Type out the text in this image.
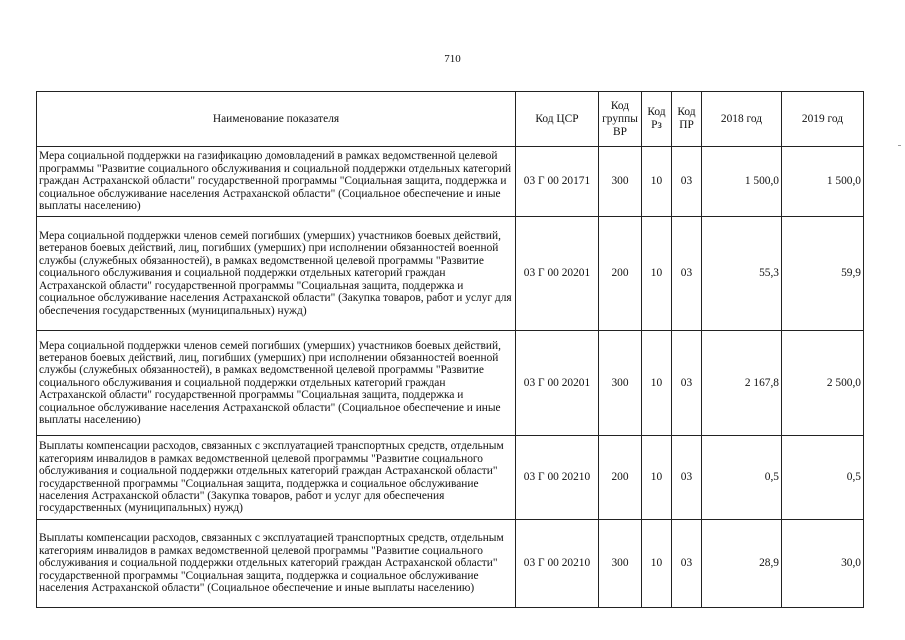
710
Наименование показателя	Код ЦСР	Код группы ВР	Код Рз	Код ПР	2018 год	2019 год
Мера социальной поддержки на газификацию домовладений в рамках ведомственной целевой программы "Развитие социального обслуживания и социальной поддержки отдельных категорий граждан Астраханской области" государственной программы "Социальная защита, поддержка и социальное обслуживание населения Астраханской области" (Социальное обеспечение и иные выплаты населению)	03 Г 00 20171	300	10	03	1 500,0	1 500,0
Мера социальной поддержки членов семей погибших (умерших) участников боевых действий, ветеранов боевых действий, лиц, погибших (умерших) при исполнении обязанностей военной службы (служебных обязанностей), в рамках ведомственной целевой программы "Развитие социального обслуживания и социальной поддержки отдельных категорий граждан Астраханской области" государственной программы "Социальная защита, поддержка и социальное обслуживание населения Астраханской области" (Закупка товаров, работ и услуг для обеспечения государственных (муниципальных) нужд)	03 Г 00 20201	200	10	03	55,3	59,9
Мера социальной поддержки членов семей погибших (умерших) участников боевых действий, ветеранов боевых действий, лиц, погибших (умерших) при исполнении обязанностей военной службы (служебных обязанностей), в рамках ведомственной целевой программы "Развитие социального обслуживания и социальной поддержки отдельных категорий граждан Астраханской области" государственной программы "Социальная защита, поддержка и социальное обслуживание населения Астраханской области" (Социальное обеспечение и иные выплаты населению)	03 Г 00 20201	300	10	03	2 167,8	2 500,0
Выплаты компенсации расходов, связанных с эксплуатацией транспортных средств, отдельным категориям инвалидов в рамках ведомственной целевой программы "Развитие социального обслуживания и социальной поддержки отдельных категорий граждан Астраханской области" государственной программы "Социальная защита, поддержка и социальное обслуживание населения Астраханской области" (Закупка товаров, работ и услуг для обеспечения государственных (муниципальных) нужд)	03 Г 00 20210	200	10	03	0,5	0,5
Выплаты компенсации расходов, связанных с эксплуатацией транспортных средств, отдельным категориям инвалидов в рамках ведомственной целевой программы "Развитие социального обслуживания и социальной поддержки отдельных категорий граждан Астраханской области" государственной программы "Социальная защита, поддержка и социальное обслуживание населения Астраханской области" (Социальное обеспечение и иные выплаты населению)	03 Г 00 20210	300	10	03	28,9	30,0
